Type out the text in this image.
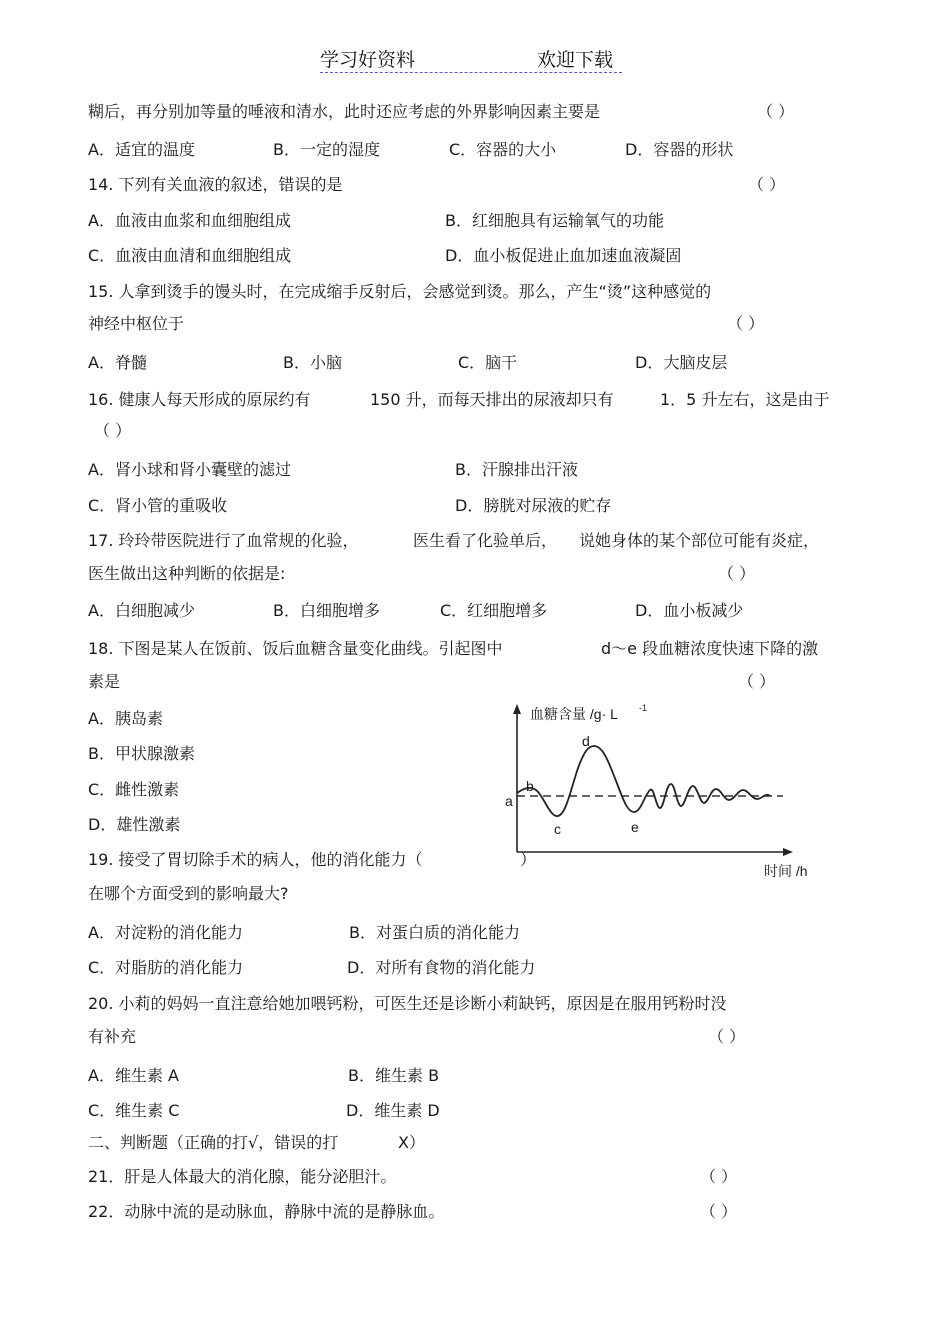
学习好资料	欢迎下载
糊后，再分别加等量的唾液和清水，此时还应考虑的外界影响因素主要是	（ ）
A．适宜的温度	B．一定的湿度	C．容器的大小	D．容器的形状
14. 下列有关血液的叙述，错误的是	（ ）
A．血液由血浆和血细胞组成	B．红细胞具有运输氧气的功能
C．血液由血清和血细胞组成	D．血小板促进止血加速血液凝固
15. 人拿到烫手的馒头时，在完成缩手反射后，会感觉到烫。那么，产生“烫”这种感觉的
神经中枢位于	（ ）
A．脊髓	B．小脑	C．脑干	D．大脑皮层
16. 健康人每天形成的原尿约有	150 升，而每天排出的尿液却只有	1．5 升左右，这是由于
（ ）
A．肾小球和肾小囊壁的滤过	B．汗腺排出汗液
C．肾小管的重吸收	D．膀胱对尿液的贮存
17. 玲玲带医院进行了血常规的化验，	医生看了化验单后， 说她身体的某个部位可能有炎症，
医生做出这种判断的依据是:	（ ）
A．白细胞减少	B．白细胞增多	C．红细胞增多	D．血小板减少
18. 下图是某人在饭前、饭后血糖含量变化曲线。引起图中	d～e 段血糖浓度快速下降的激
素是	（ ）
A．胰岛素
B．甲状腺激素
C．雌性激素
D．雄性激素
19. 接受了胃切除手术的病人，他的消化能力（	）
在哪个方面受到的影响最大?
A．对淀粉的消化能力	B．对蛋白质的消化能力
C．对脂肪的消化能力	D．对所有食物的消化能力
20. 小莉的妈妈一直注意给她加喂钙粉，可医生还是诊断小莉缺钙，原因是在服用钙粉时没
有补充	（ ）
A．维生素 A	B．维生素 B
C．维生素 C	D．维生素 D
二、判断题（正确的打√，错误的打	X）
21．肝是人体最大的消化腺，能分泌胆汁。	（ ）
22．动脉中流的是动脉血，静脉中流的是静脉血。	（ ）
血糖含量 /g· L -1
时间 /h
a
b
c
d
e
